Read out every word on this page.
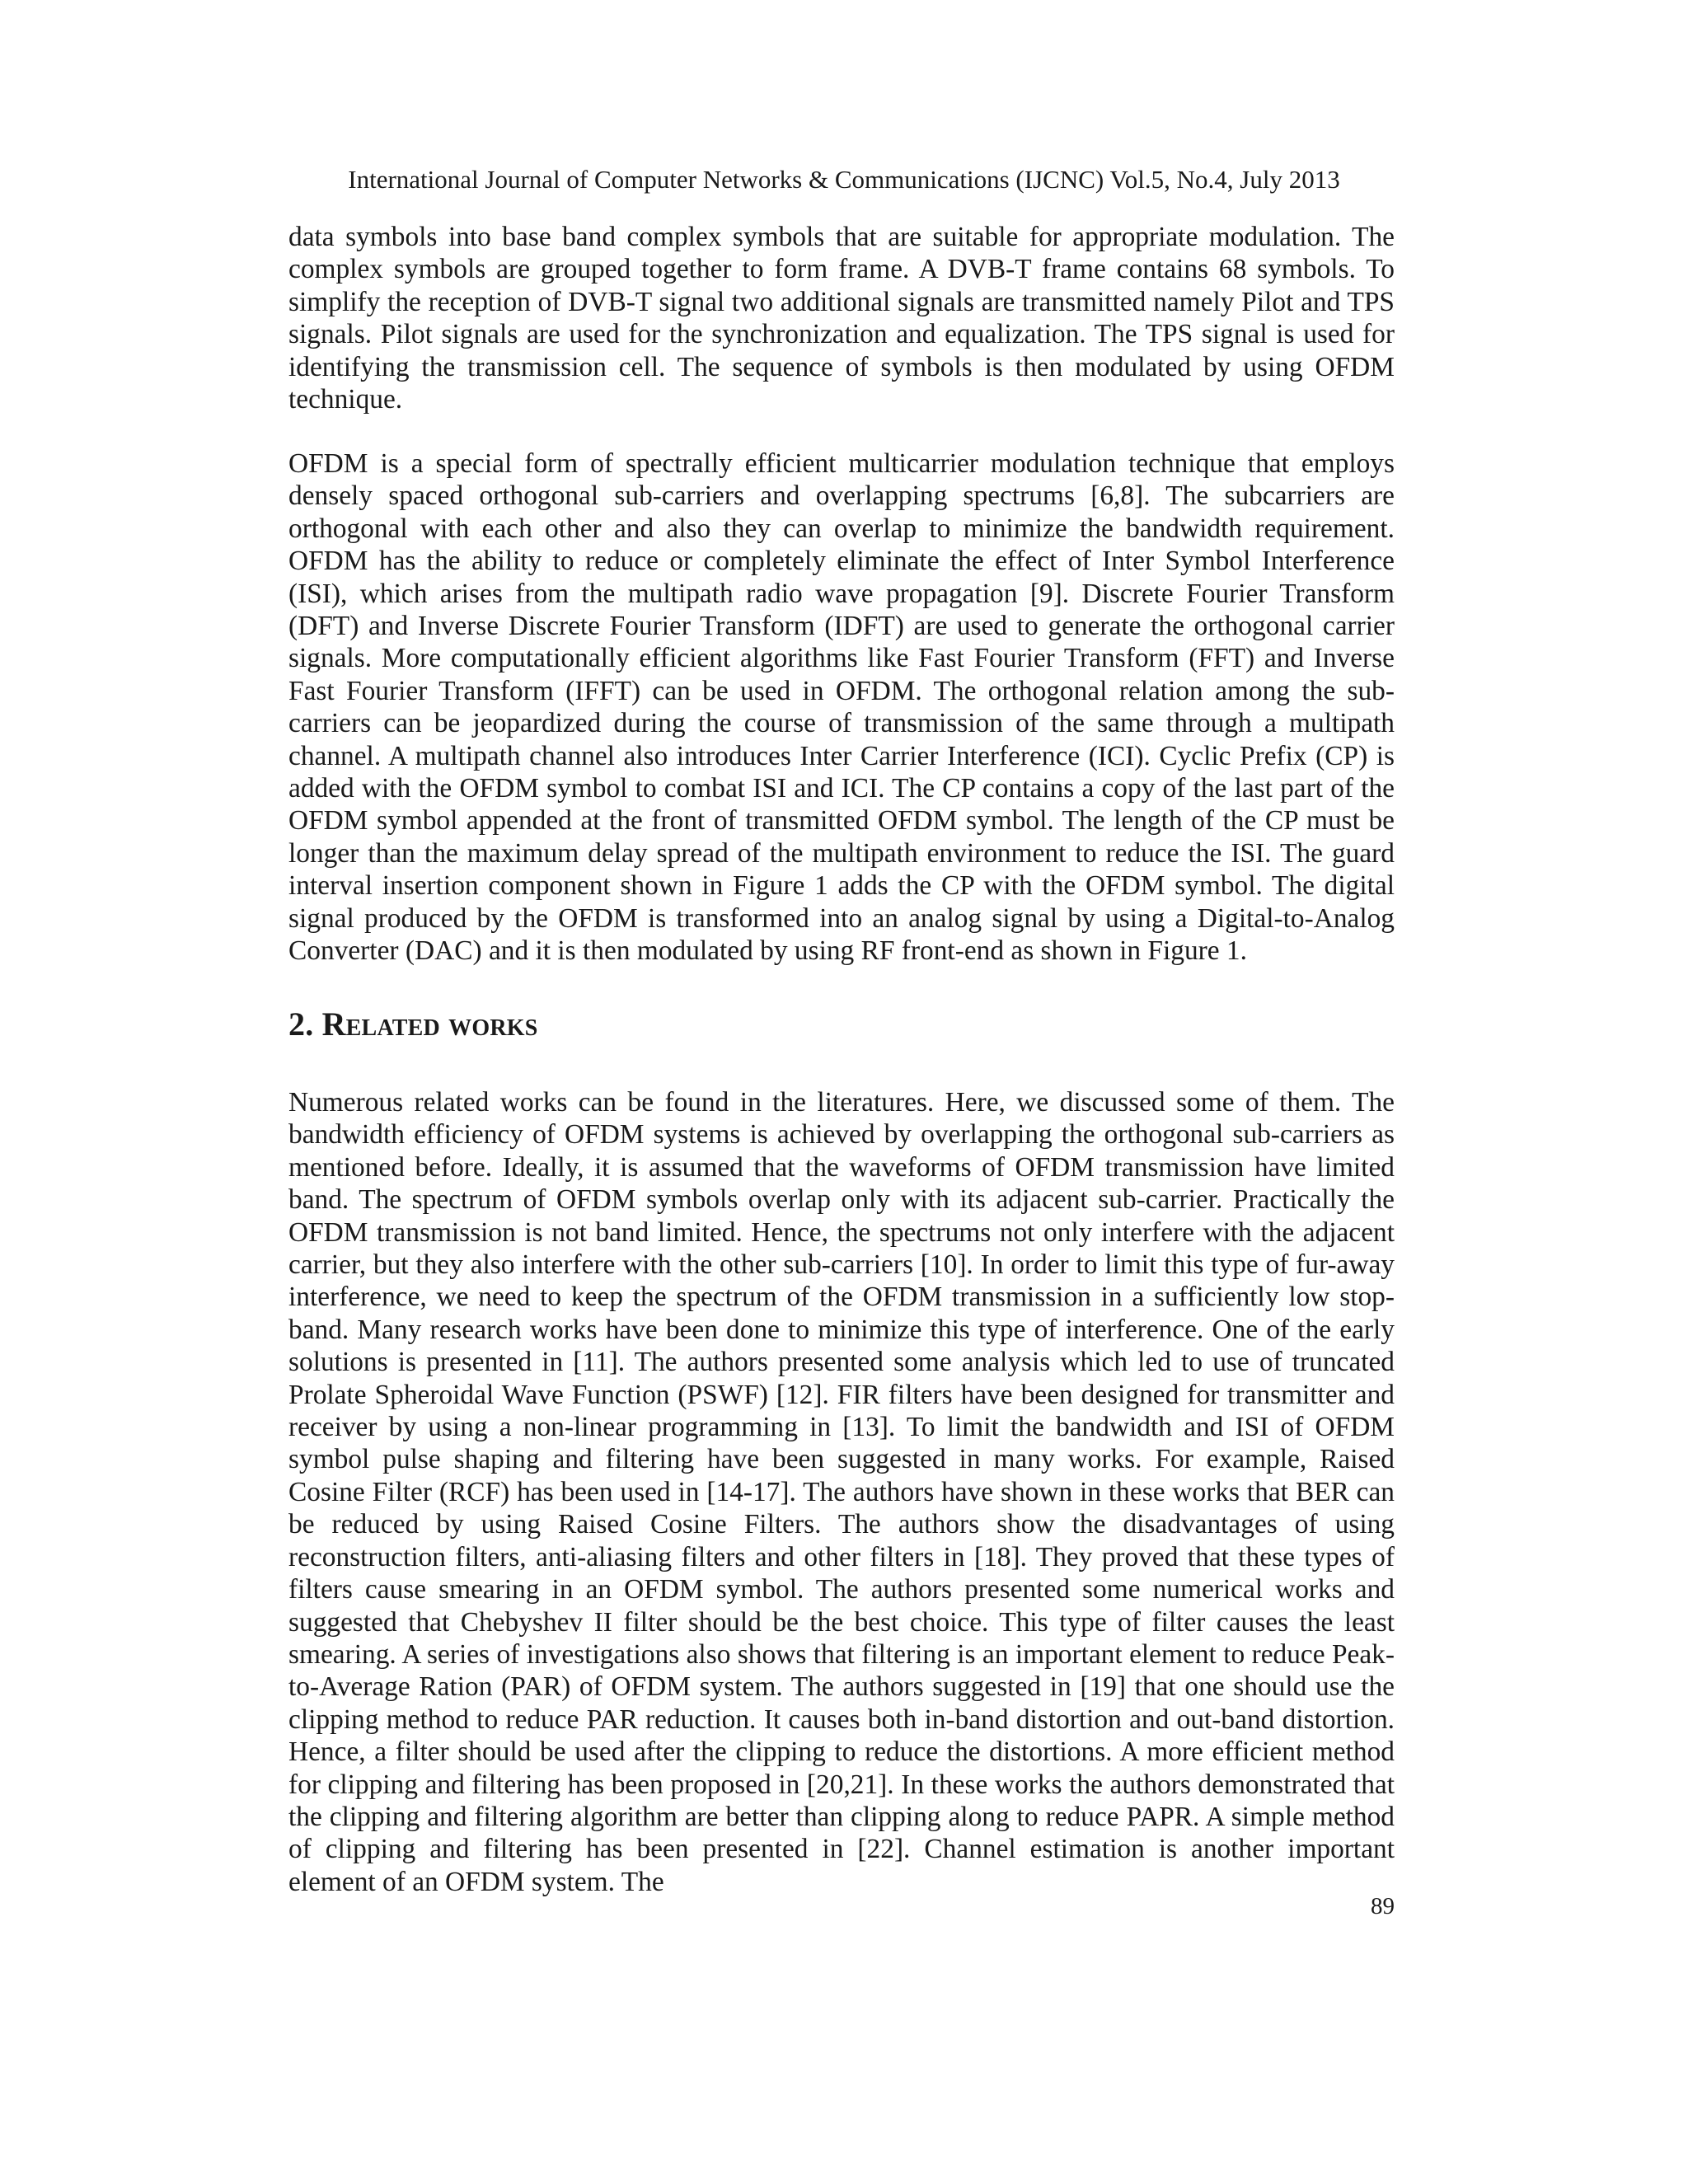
International Journal of Computer Networks & Communications (IJCNC) Vol.5, No.4, July 2013

data symbols into base band complex symbols that are suitable for appropriate modulation. The complex symbols are grouped together to form frame. A DVB-T frame contains 68 symbols. To simplify the reception of DVB-T signal two additional signals are transmitted namely Pilot and TPS signals. Pilot signals are used for the synchronization and equalization. The TPS signal is used for identifying the transmission cell. The sequence of symbols is then modulated by using OFDM technique.

OFDM is a special form of spectrally efficient multicarrier modulation technique that employs densely spaced orthogonal sub-carriers and overlapping spectrums [6,8]. The subcarriers are orthogonal with each other and also they can overlap to minimize the bandwidth requirement. OFDM has the ability to reduce or completely eliminate the effect of Inter Symbol Interference (ISI), which arises from the multipath radio wave propagation [9]. Discrete Fourier Transform (DFT) and Inverse Discrete Fourier Transform (IDFT) are used to generate the orthogonal carrier signals. More computationally efficient algorithms like Fast Fourier Transform (FFT) and Inverse Fast Fourier Transform (IFFT) can be used in OFDM. The orthogonal relation among the sub-carriers can be jeopardized during the course of transmission of the same through a multipath channel. A multipath channel also introduces Inter Carrier Interference (ICI). Cyclic Prefix (CP) is added with the OFDM symbol to combat ISI and ICI. The CP contains a copy of the last part of the OFDM symbol appended at the front of transmitted OFDM symbol. The length of the CP must be longer than the maximum delay spread of the multipath environment to reduce the ISI. The guard interval insertion component shown in Figure 1 adds the CP with the OFDM symbol. The digital signal produced by the OFDM is transformed into an analog signal by using a Digital-to-Analog Converter (DAC) and it is then modulated by using RF front-end as shown in Figure 1.

2. Related works

Numerous related works can be found in the literatures. Here, we discussed some of them. The bandwidth efficiency of OFDM systems is achieved by overlapping the orthogonal sub-carriers as mentioned before. Ideally, it is assumed that the waveforms of OFDM transmission have limited band. The spectrum of OFDM symbols overlap only with its adjacent sub-carrier. Practically the OFDM transmission is not band limited. Hence, the spectrums not only interfere with the adjacent carrier, but they also interfere with the other sub-carriers [10]. In order to limit this type of fur-away interference, we need to keep the spectrum of the OFDM transmission in a sufficiently low stop-band. Many research works have been done to minimize this type of interference. One of the early solutions is presented in [11]. The authors presented some analysis which led to use of truncated Prolate Spheroidal Wave Function (PSWF) [12]. FIR filters have been designed for transmitter and receiver by using a non-linear programming in [13]. To limit the bandwidth and ISI of OFDM symbol pulse shaping and filtering have been suggested in many works. For example, Raised Cosine Filter (RCF) has been used in [14-17]. The authors have shown in these works that BER can be reduced by using Raised Cosine Filters. The authors show the disadvantages of using reconstruction filters, anti-aliasing filters and other filters in [18]. They proved that these types of filters cause smearing in an OFDM symbol. The authors presented some numerical works and suggested that Chebyshev II filter should be the best choice. This type of filter causes the least smearing. A series of investigations also shows that filtering is an important element to reduce Peak-to-Average Ration (PAR) of OFDM system. The authors suggested in [19] that one should use the clipping method to reduce PAR reduction. It causes both in-band distortion and out-band distortion. Hence, a filter should be used after the clipping to reduce the distortions. A more efficient method for clipping and filtering has been proposed in [20,21]. In these works the authors demonstrated that the clipping and filtering algorithm are better than clipping along to reduce PAPR. A simple method of clipping and filtering has been presented in [22]. Channel estimation is another important element of an OFDM system. The

89
